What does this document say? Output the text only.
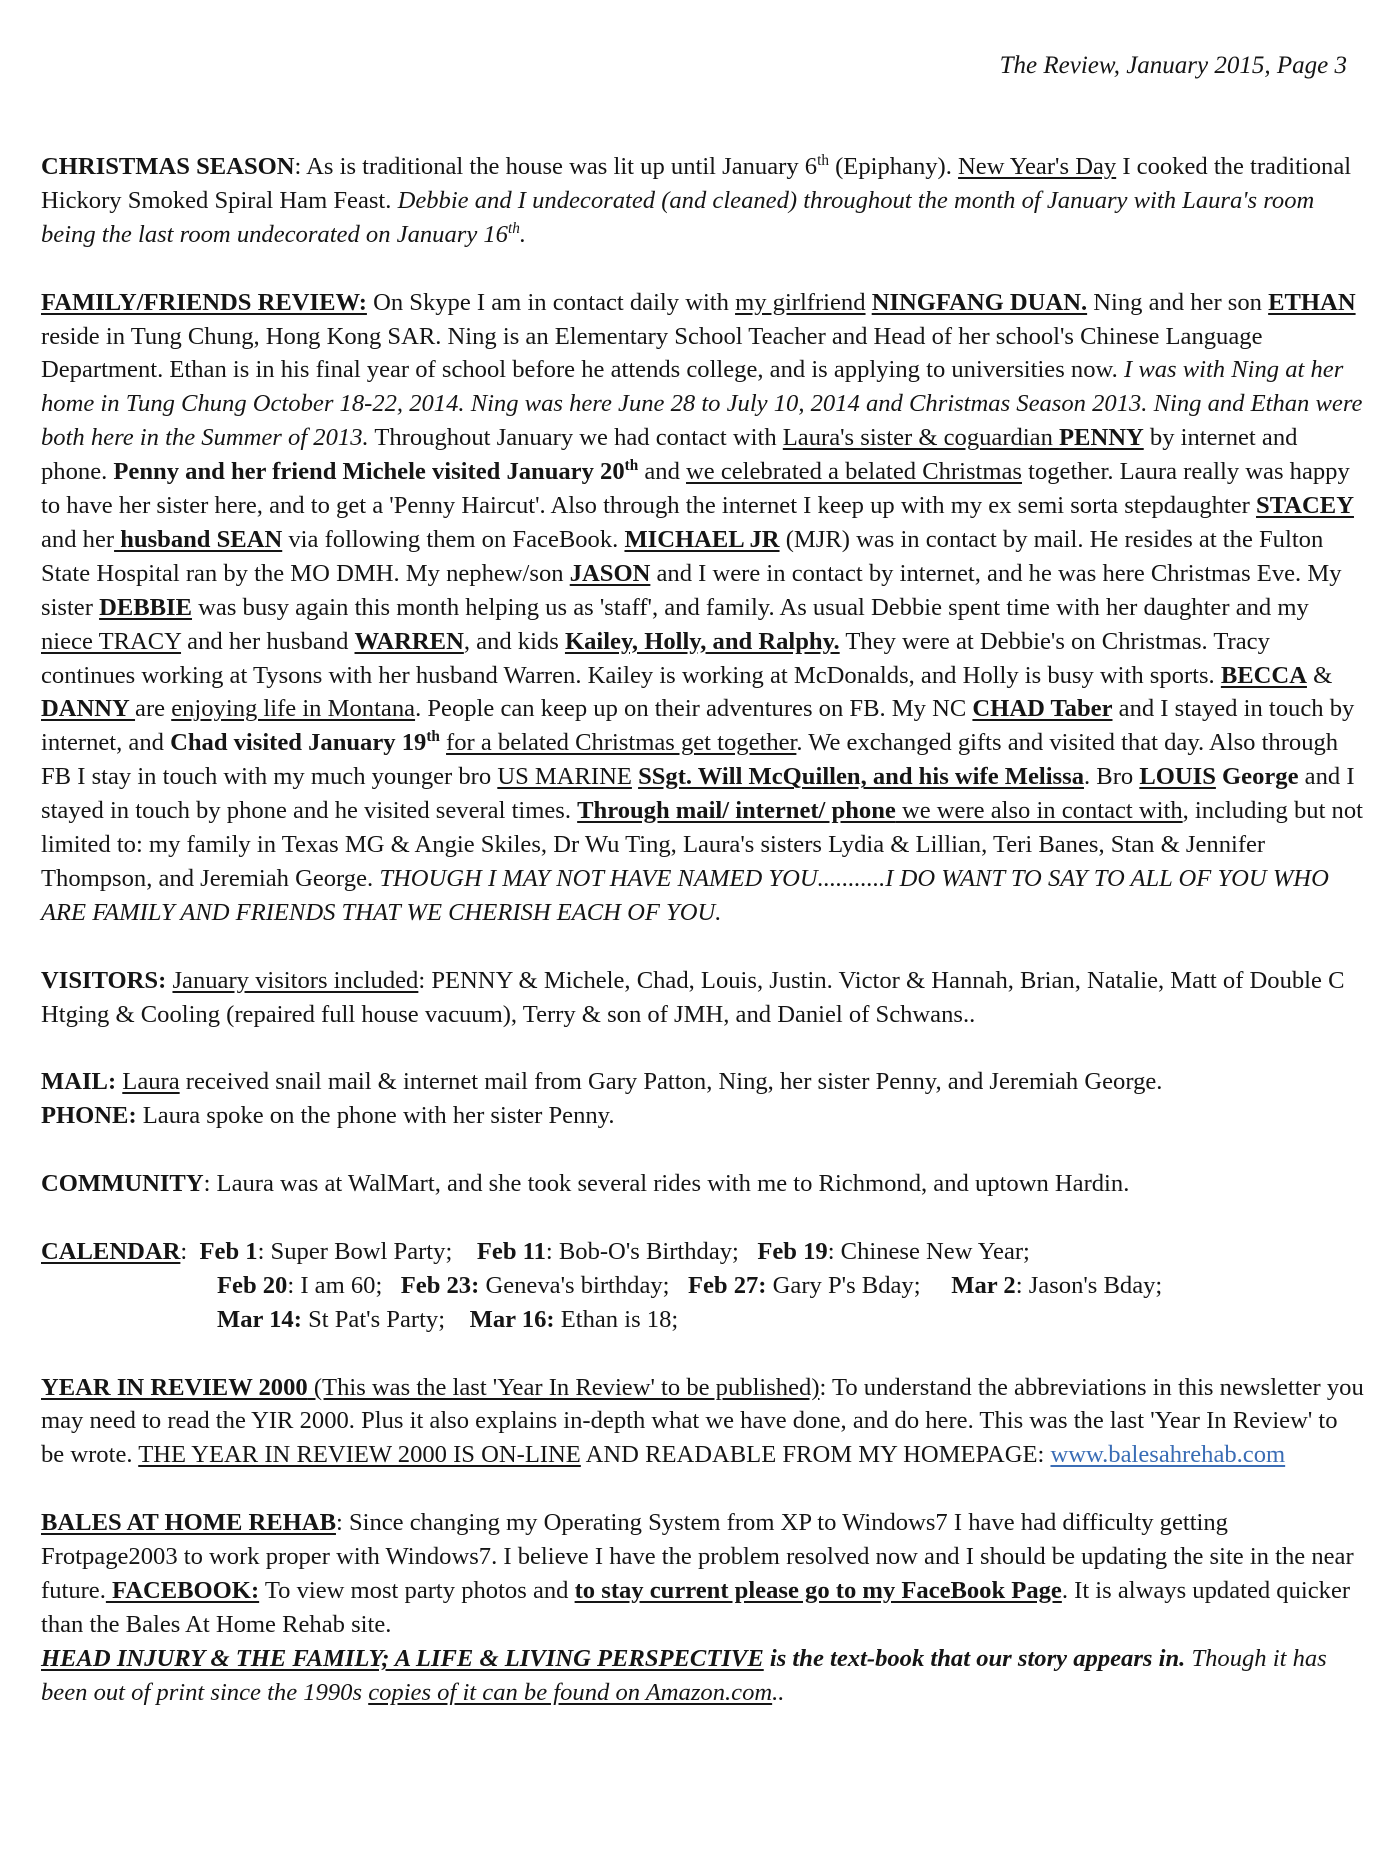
The Review, January 2015, Page 3

CHRISTMAS SEASON: As is traditional the house was lit up until January 6th (Epiphany). New Year's Day I cooked the traditional Hickory Smoked Spiral Ham Feast. Debbie and I undecorated (and cleaned) throughout the month of January with Laura's room being the last room undecorated on January 16th.

FAMILY/FRIENDS REVIEW: On Skype I am in contact daily with my girlfriend NINGFANG DUAN. Ning and her son ETHAN reside in Tung Chung, Hong Kong SAR. Ning is an Elementary School Teacher and Head of her school's Chinese Language Department. Ethan is in his final year of school before he attends college, and is applying to universities now. I was with Ning at her home in Tung Chung October 18-22, 2014. Ning was here June 28 to July 10, 2014 and Christmas Season 2013. Ning and Ethan were both here in the Summer of 2013. Throughout January we had contact with Laura's sister & coguardian PENNY by internet and phone. Penny and her friend Michele visited January 20th and we celebrated a belated Christmas together. Laura really was happy to have her sister here, and to get a 'Penny Haircut'. Also through the internet I keep up with my ex semi sorta stepdaughter STACEY and her husband SEAN via following them on FaceBook. MICHAEL JR (MJR) was in contact by mail. He resides at the Fulton State Hospital ran by the MO DMH. My nephew/son JASON and I were in contact by internet, and he was here Christmas Eve. My sister DEBBIE was busy again this month helping us as 'staff', and family. As usual Debbie spent time with her daughter and my niece TRACY and her husband WARREN, and kids Kailey, Holly, and Ralphy. They were at Debbie's on Christmas. Tracy continues working at Tysons with her husband Warren. Kailey is working at McDonalds, and Holly is busy with sports. BECCA & DANNY are enjoying life in Montana. People can keep up on their adventures on FB. My NC CHAD Taber and I stayed in touch by internet, and Chad visited January 19th for a belated Christmas get together. We exchanged gifts and visited that day. Also through FB I stay in touch with my much younger bro US MARINE SSgt. Will McQuillen, and his wife Melissa. Bro LOUIS George and I stayed in touch by phone and he visited several times. Through mail/ internet/ phone we were also in contact with, including but not limited to: my family in Texas MG & Angie Skiles, Dr Wu Ting, Laura's sisters Lydia & Lillian, Teri Banes, Stan & Jennifer Thompson, and Jeremiah George. THOUGH I MAY NOT HAVE NAMED YOU...........I DO WANT TO SAY TO ALL OF YOU WHO ARE FAMILY AND FRIENDS THAT WE CHERISH EACH OF YOU.

VISITORS: January visitors included: PENNY & Michele, Chad, Louis, Justin. Victor & Hannah, Brian, Natalie, Matt of Double C Htging & Cooling (repaired full house vacuum), Terry & son of JMH, and Daniel of Schwans..

MAIL: Laura received snail mail & internet mail from Gary Patton, Ning, her sister Penny, and Jeremiah George.

PHONE: Laura spoke on the phone with her sister Penny.

COMMUNITY: Laura was at WalMart, and she took several rides with me to Richmond, and uptown Hardin.

CALENDAR:  Feb 1: Super Bowl Party;    Feb 11: Bob-O's Birthday;   Feb 19: Chinese New Year;

Feb 20: I am 60;   Feb 23: Geneva's birthday;   Feb 27: Gary P's Bday;     Mar 2: Jason's Bday;

Mar 14: St Pat's Party;    Mar 16: Ethan is 18;

YEAR IN REVIEW 2000 (This was the last 'Year In Review' to be published): To understand the abbreviations in this newsletter you may need to read the YIR 2000. Plus it also explains in-depth what we have done, and do here. This was the last 'Year In Review' to be wrote. THE YEAR IN REVIEW 2000 IS ON-LINE AND READABLE FROM MY HOMEPAGE: www.balesahrehab.com

BALES AT HOME REHAB: Since changing my Operating System from XP to Windows7 I have had difficulty getting Frotpage2003 to work proper with Windows7. I believe I have the problem resolved now and I should be updating the site in the near future. FACEBOOK: To view most party photos and to stay current please go to my FaceBook Page. It is always updated quicker than the Bales At Home Rehab site.
HEAD INJURY & THE FAMILY; A LIFE & LIVING PERSPECTIVE is the text-book that our story appears in. Though it has been out of print since the 1990s copies of it can be found on Amazon.com..
